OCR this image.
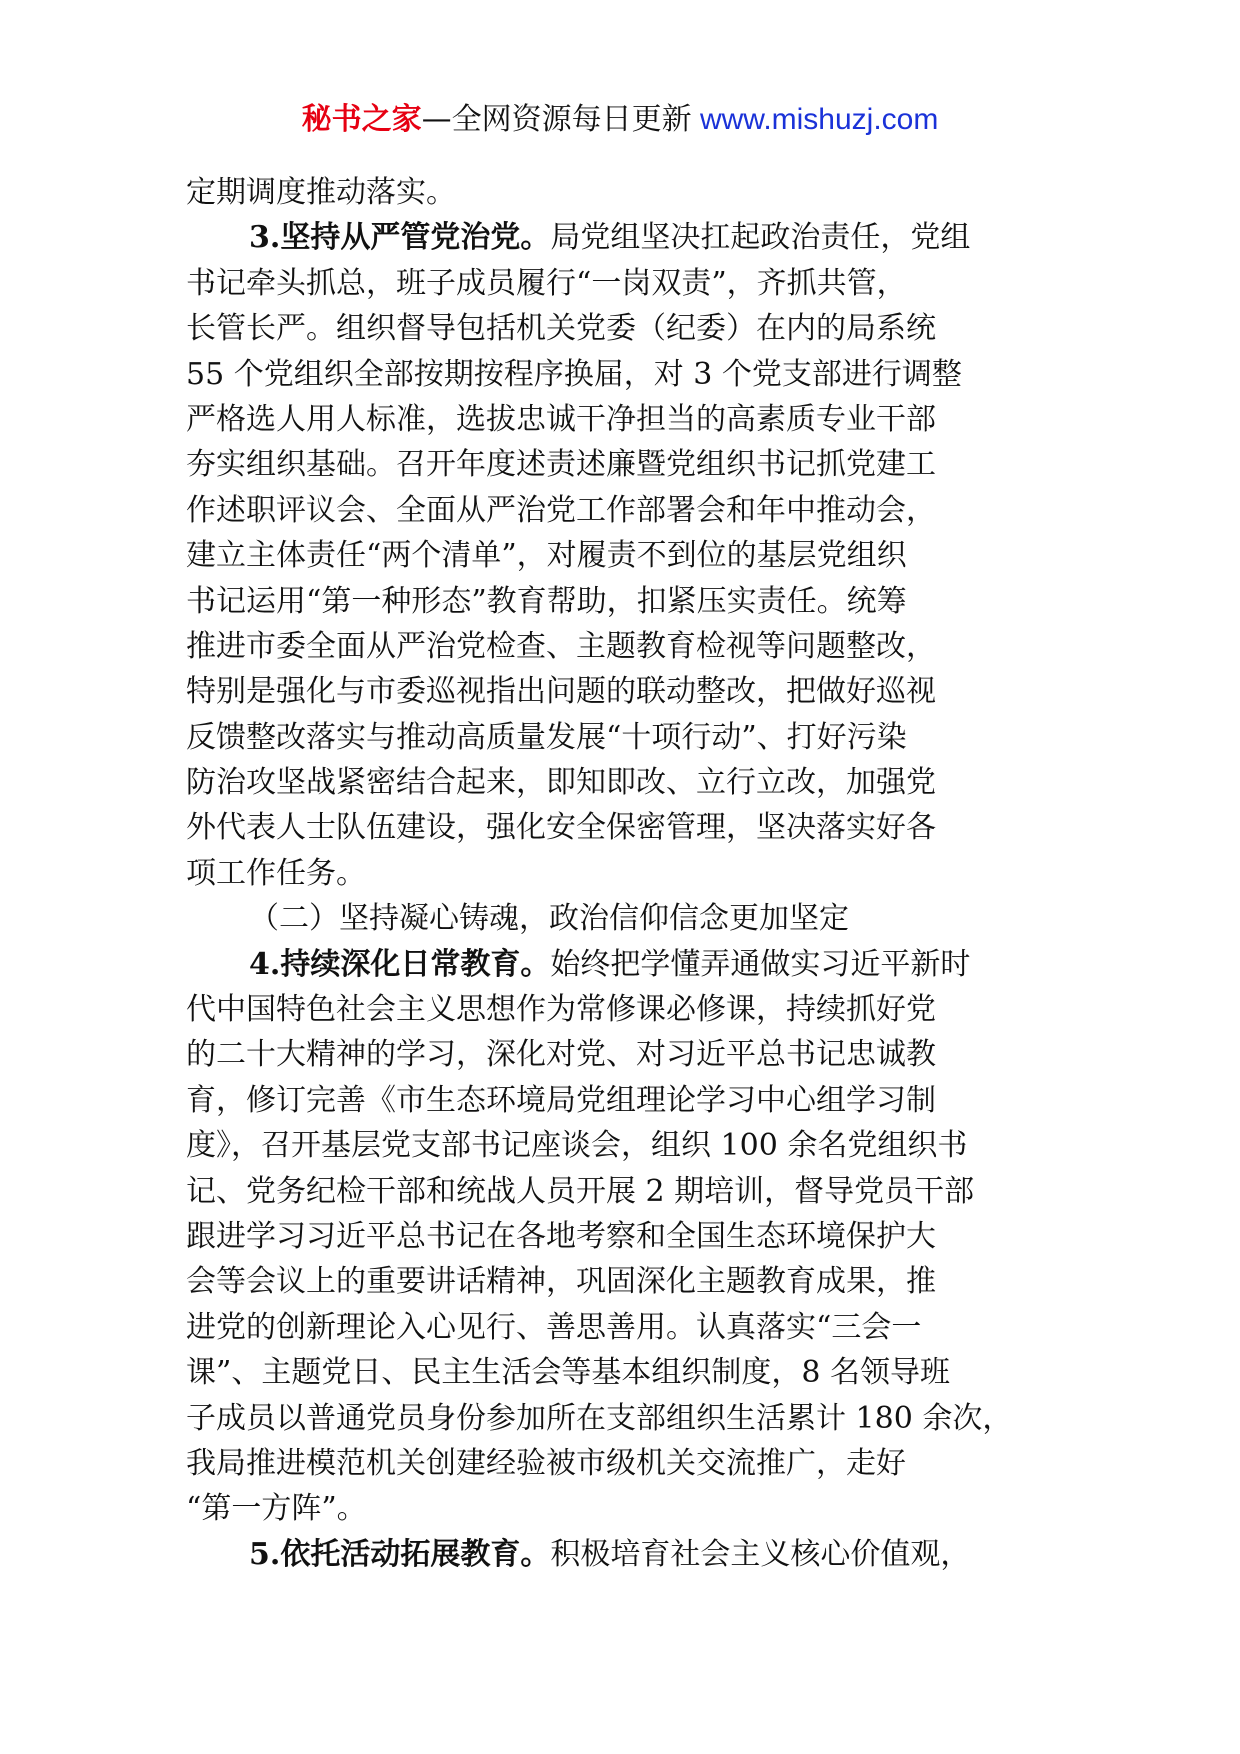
秘书之家—全网资源每日更新 www.mishuzj.com
定期调度推动落实。
3.坚持从严管党治党。局党组坚决扛起政治责任，党组
书记牵头抓总，班子成员履行“一岗双责”，齐抓共管，
长管长严。组织督导包括机关党委（纪委）在内的局系统
55 个党组织全部按期按程序换届，对 3 个党支部进行调整
严格选人用人标准，选拔忠诚干净担当的高素质专业干部
夯实组织基础。召开年度述责述廉暨党组织书记抓党建工
作述职评议会、全面从严治党工作部署会和年中推动会，
建立主体责任“两个清单”，对履责不到位的基层党组织
书记运用“第一种形态”教育帮助，扣紧压实责任。统筹
推进市委全面从严治党检查、主题教育检视等问题整改，
特别是强化与市委巡视指出问题的联动整改，把做好巡视
反馈整改落实与推动高质量发展“十项行动”、打好污染
防治攻坚战紧密结合起来，即知即改、立行立改，加强党
外代表人士队伍建设，强化安全保密管理，坚决落实好各
项工作任务。
（二）坚持凝心铸魂，政治信仰信念更加坚定
4.持续深化日常教育。始终把学懂弄通做实习近平新时
代中国特色社会主义思想作为常修课必修课，持续抓好党
的二十大精神的学习，深化对党、对习近平总书记忠诚教
育，修订完善《市生态环境局党组理论学习中心组学习制
度》，召开基层党支部书记座谈会，组织 100 余名党组织书
记、党务纪检干部和统战人员开展 2 期培训，督导党员干部
跟进学习习近平总书记在各地考察和全国生态环境保护大
会等会议上的重要讲话精神，巩固深化主题教育成果，推
进党的创新理论入心见行、善思善用。认真落实“三会一
课”、主题党日、民主生活会等基本组织制度，8 名领导班
子成员以普通党员身份参加所在支部组织生活累计 180 余次，
我局推进模范机关创建经验被市级机关交流推广，走好
“第一方阵”。
5.依托活动拓展教育。积极培育社会主义核心价值观，
